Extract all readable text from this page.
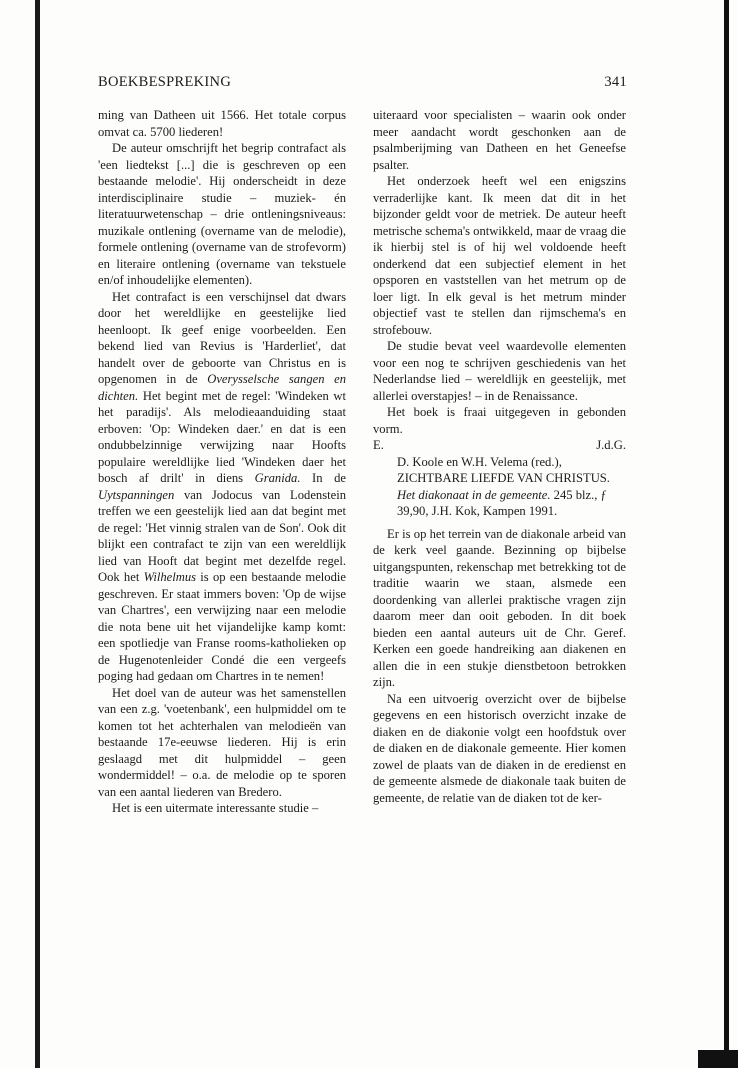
BOEKBESPREKING	341

ming van Datheen uit 1566. Het totale corpus omvat ca. 5700 liederen!

De auteur omschrijft het begrip contrafact als 'een liedtekst [...] die is geschreven op een bestaande melodie'. Hij onderscheidt in deze interdisciplinaire studie – muziek- én literatuurwetenschap – drie ontleningsniveaus: muzikale ontlening (overname van de melodie), formele ontlening (overname van de strofevorm) en literaire ontlening (overname van tekstuele en/of inhoudelijke elementen).

Het contrafact is een verschijnsel dat dwars door het wereldlijke en geestelijke lied heenloopt. Ik geef enige voorbeelden. Een bekend lied van Revius is 'Harderliet', dat handelt over de geboorte van Christus en is opgenomen in de Overysselsche sangen en dichten. Het begint met de regel: 'Windeken wt het paradijs'. Als melodieaanduiding staat erboven: 'Op: Windeken daer.' en dat is een ondubbelzinnige verwijzing naar Hoofts populaire wereldlijke lied 'Windeken daer het bosch af drilt' in diens Granida. In de Uytspanningen van Jodocus van Lodenstein treffen we een geestelijk lied aan dat begint met de regel: 'Het vinnig stralen van de Son'. Ook dit blijkt een contrafact te zijn van een wereldlijk lied van Hooft dat begint met dezelfde regel. Ook het Wilhelmus is op een bestaande melodie geschreven. Er staat immers boven: 'Op de wijse van Chartres', een verwijzing naar een melodie die nota bene uit het vijandelijke kamp komt: een spotliedje van Franse rooms-katholieken op de Hugenotenleider Condé die een vergeefs poging had gedaan om Chartres in te nemen!

Het doel van de auteur was het samenstellen van een z.g. 'voetenbank', een hulpmiddel om te komen tot het achterhalen van melodieën van bestaande 17e-eeuwse liederen. Hij is erin geslaagd met dit hulpmiddel – geen wondermiddel! – o.a. de melodie op te sporen van een aantal liederen van Bredero.

Het is een uitermate interessante studie –

uiteraard voor specialisten – waarin ook onder meer aandacht wordt geschonken aan de psalmberijming van Datheen en het Geneefse psalter.

Het onderzoek heeft wel een enigszins verraderlijke kant. Ik meen dat dit in het bijzonder geldt voor de metriek. De auteur heeft metrische schema's ontwikkeld, maar de vraag die ik hierbij stel is of hij wel voldoende heeft onderkend dat een subjectief element in het opsporen en vaststellen van het metrum op de loer ligt. In elk geval is het metrum minder objectief vast te stellen dan rijmschema's en strofebouw.

De studie bevat veel waardevolle elementen voor een nog te schrijven geschiedenis van het Nederlandse lied – wereldlijk en geestelijk, met allerlei overstapjes! – in de Renaissance.

Het boek is fraai uitgegeven in gebonden vorm.

E.	J.d.G.

D. Koole en W.H. Velema (red.), ZICHTBARE LIEFDE VAN CHRISTUS. Het diakonaat in de gemeente. 245 blz., ƒ 39,90, J.H. Kok, Kampen 1991.

Er is op het terrein van de diakonale arbeid van de kerk veel gaande. Bezinning op bijbelse uitgangspunten, rekenschap met betrekking tot de traditie waarin we staan, alsmede een doordenking van allerlei praktische vragen zijn daarom meer dan ooit geboden. In dit boek bieden een aantal auteurs uit de Chr. Geref. Kerken een goede handreiking aan diakenen en allen die in een stukje dienstbetoon betrokken zijn.

Na een uitvoerig overzicht over de bijbelse gegevens en een historisch overzicht inzake de diaken en de diakonie volgt een hoofdstuk over de diaken en de diakonale gemeente. Hier komen zowel de plaats van de diaken in de eredienst en de gemeente alsmede de diakonale taak buiten de gemeente, de relatie van de diaken tot de ker-
